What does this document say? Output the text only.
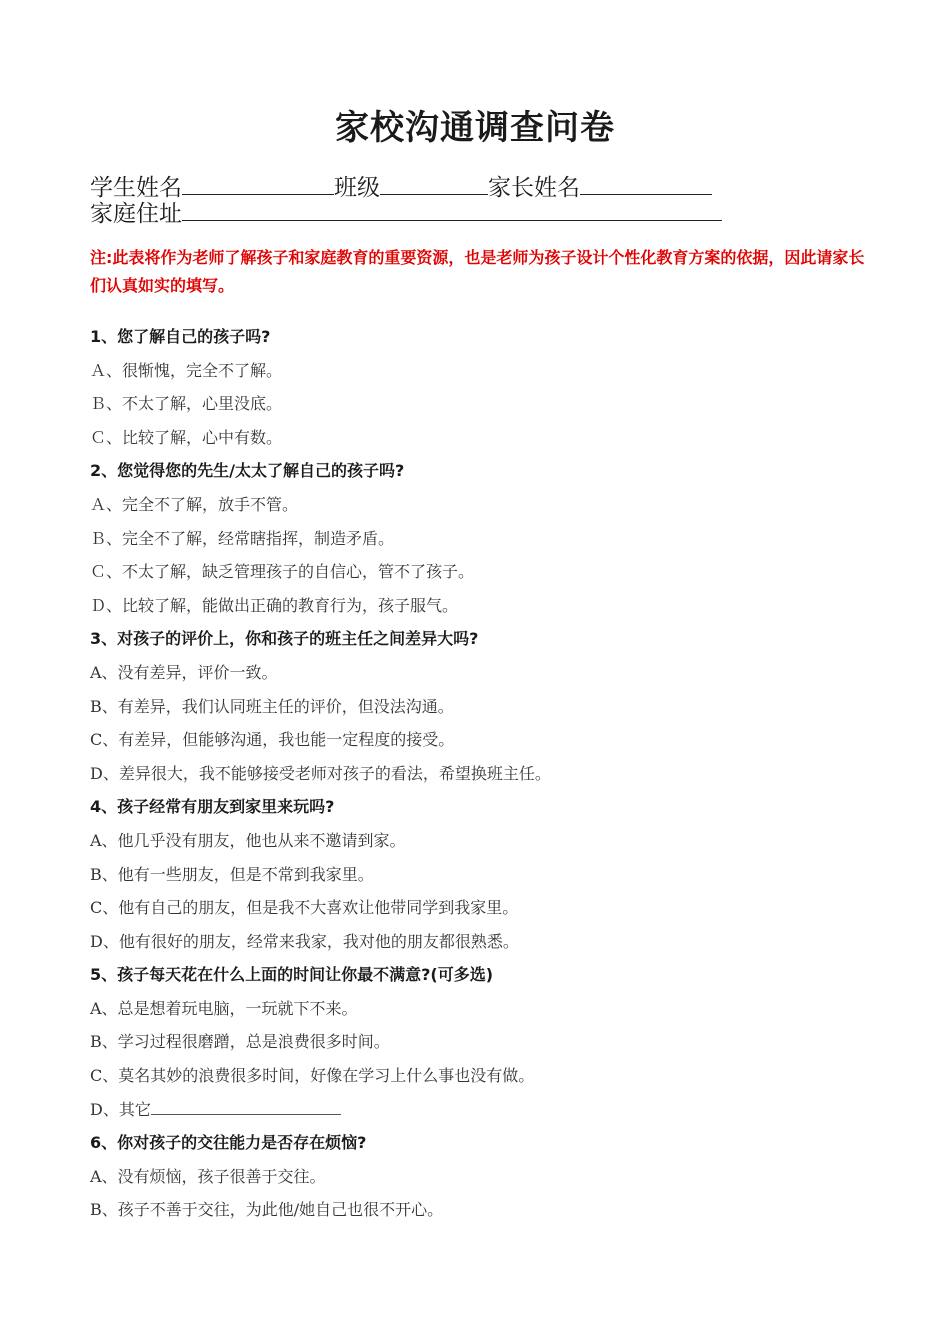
家校沟通调查问卷
学生姓名	班级	家长姓名
家庭住址
注:此表将作为老师了解孩子和家庭教育的重要资源，也是老师为孩子设计个性化教育方案的依据，因此请家长们认真如实的填写。
1、您了解自己的孩子吗?
Ａ、很惭愧，完全不了解。
Ｂ、不太了解，心里没底。
Ｃ、比较了解，心中有数。
2、您觉得您的先生/太太了解自己的孩子吗?
Ａ、完全不了解，放手不管。
Ｂ、完全不了解，经常瞎指挥，制造矛盾。
Ｃ、不太了解，缺乏管理孩子的自信心，管不了孩子。
Ｄ、比较了解，能做出正确的教育行为，孩子服气。
3、对孩子的评价上，你和孩子的班主任之间差异大吗?
A、没有差异，评价一致。
B、有差异，我们认同班主任的评价，但没法沟通。
C、有差异，但能够沟通，我也能一定程度的接受。
D、差异很大，我不能够接受老师对孩子的看法，希望换班主任。
4、孩子经常有朋友到家里来玩吗?
A、他几乎没有朋友，他也从来不邀请到家。
B、他有一些朋友，但是不常到我家里。
C、他有自己的朋友，但是我不大喜欢让他带同学到我家里。
D、他有很好的朋友，经常来我家，我对他的朋友都很熟悉。
5、孩子每天花在什么上面的时间让你最不满意?(可多选)
A、总是想着玩电脑，一玩就下不来。
B、学习过程很磨蹭，总是浪费很多时间。
C、莫名其妙的浪费很多时间，好像在学习上什么事也没有做。
D、其它
6、你对孩子的交往能力是否存在烦恼?
A、没有烦恼，孩子很善于交往。
B、孩子不善于交往，为此他/她自己也很不开心。
